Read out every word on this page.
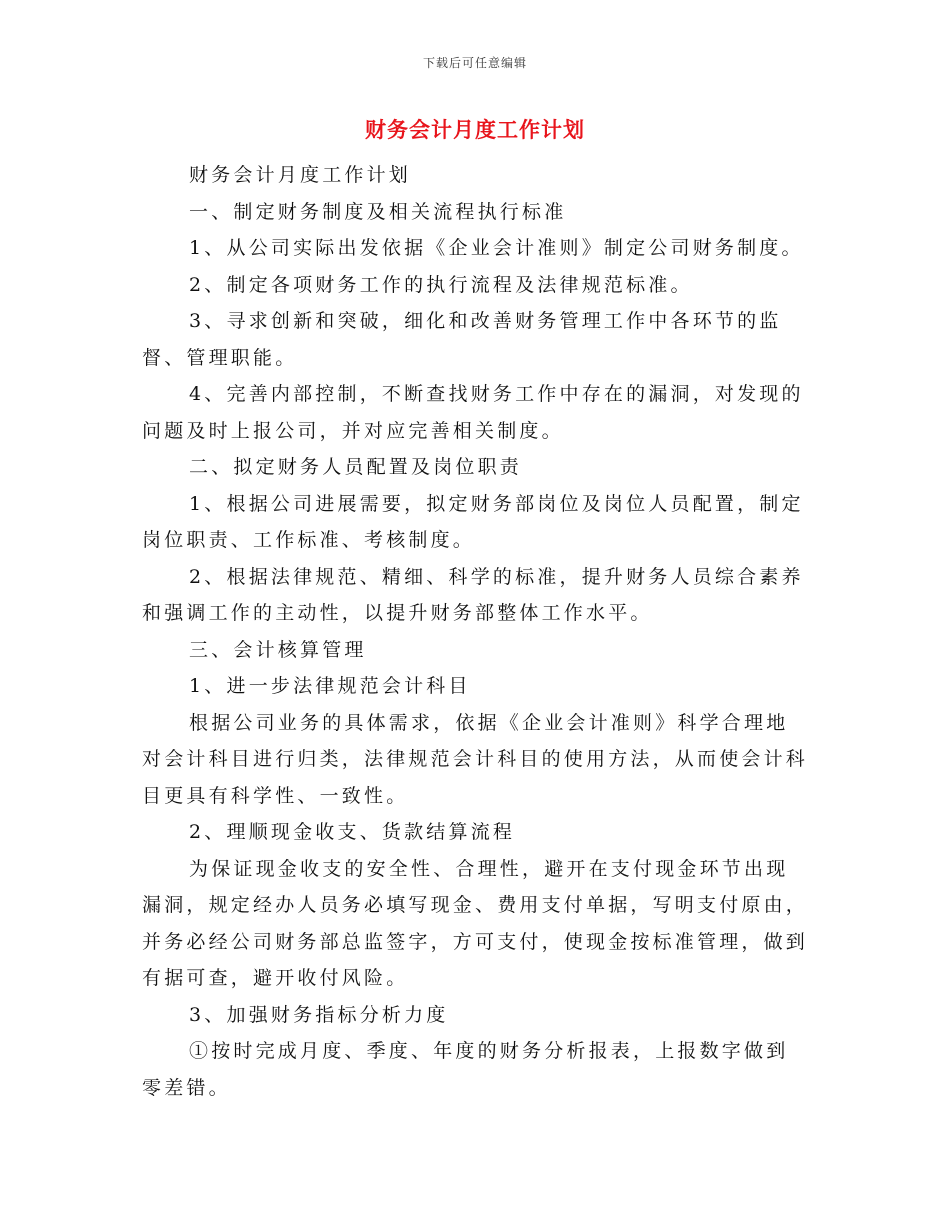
下载后可任意编辑
财务会计月度工作计划

财务会计月度工作计划

一、制定财务制度及相关流程执行标准

1、从公司实际出发依据《企业会计准则》制定公司财务制度。

2、制定各项财务工作的执行流程及法律规范标准。

3、寻求创新和突破，细化和改善财务管理工作中各环节的监督、管理职能。

4、完善内部控制，不断查找财务工作中存在的漏洞，对发现的问题及时上报公司，并对应完善相关制度。

二、拟定财务人员配置及岗位职责

1、根据公司进展需要，拟定财务部岗位及岗位人员配置，制定岗位职责、工作标准、考核制度。

2、根据法律规范、精细、科学的标准，提升财务人员综合素养和强调工作的主动性，以提升财务部整体工作水平。

三、会计核算管理

1、进一步法律规范会计科目

根据公司业务的具体需求，依据《企业会计准则》科学合理地对会计科目进行归类，法律规范会计科目的使用方法，从而使会计科目更具有科学性、一致性。

2、理顺现金收支、货款结算流程

为保证现金收支的安全性、合理性，避开在支付现金环节出现漏洞，规定经办人员务必填写现金、费用支付单据，写明支付原由，并务必经公司财务部总监签字，方可支付，使现金按标准管理，做到有据可查，避开收付风险。

3、加强财务指标分析力度

①按时完成月度、季度、年度的财务分析报表，上报数字做到零差错。
